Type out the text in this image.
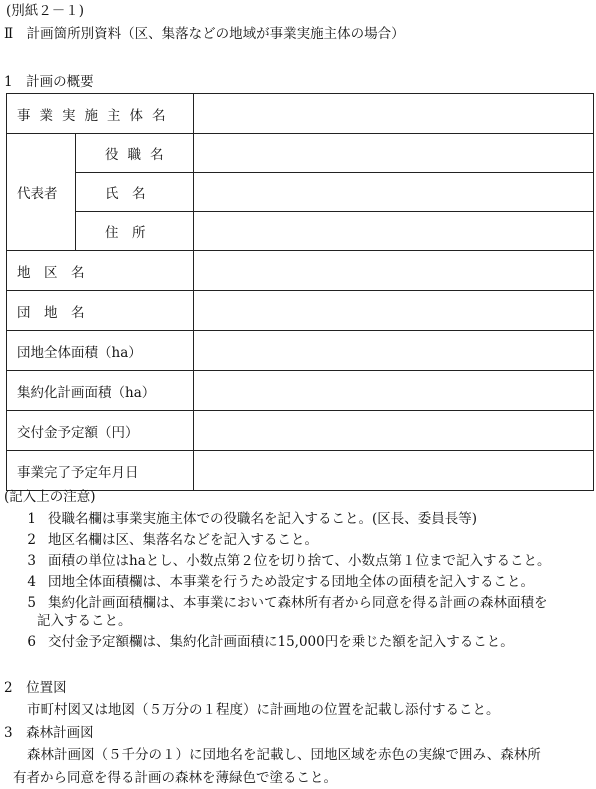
(別紙２－１)
Ⅱ　計画箇所別資料（区、集落などの地域が事業実施主体の場合）
1　計画の概要
事業実施主体名		
代表者	役職名	
	氏　名	
	住　所	
地　区　名		
団　地　名		
団地全体面積（ha）		
集約化計画面積（ha）		
交付金予定額（円）		
事業完了予定年月日		
(記入上の注意)
1 役職名欄は事業実施主体での役職名を記入すること。(区長、委員長等)
2 地区名欄は区、集落名などを記入すること。
3 面積の単位はhaとし、小数点第２位を切り捨て、小数点第１位まで記入すること。
4 団地全体面積欄は、本事業を行うため設定する団地全体の面積を記入すること。
5 集約化計画面積欄は、本事業において森林所有者から同意を得る計画の森林面積を
記入すること。
6 交付金予定額欄は、集約化計画面積に15,000円を乗じた額を記入すること。
2　位置図
市町村図又は地図（５万分の１程度）に計画地の位置を記載し添付すること。
3　森林計画図
森林計画図（５千分の１）に団地名を記載し、団地区域を赤色の実線で囲み、森林所
有者から同意を得る計画の森林を薄緑色で塗ること。
